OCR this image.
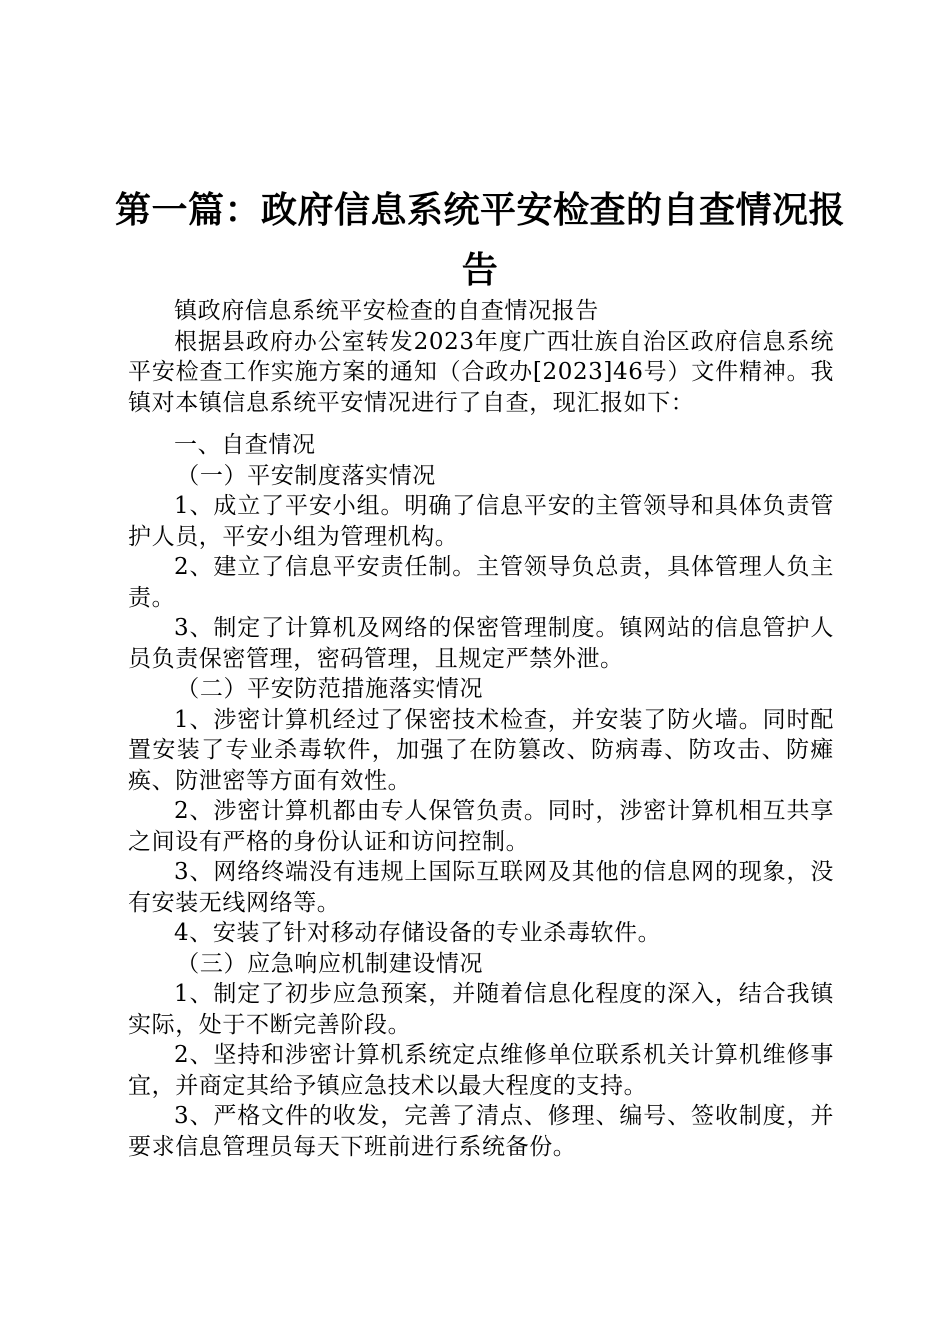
第一篇：政府信息系统平安检查的自查情况报告

镇政府信息系统平安检查的自查情况报告

根据县政府办公室转发2023年度广西壮族自治区政府信息系统平安检查工作实施方案的通知（合政办[2023]46号）文件精神。我镇对本镇信息系统平安情况进行了自查，现汇报如下：

一、自查情况

（一）平安制度落实情况

1、成立了平安小组。明确了信息平安的主管领导和具体负责管护人员，平安小组为管理机构。

2、建立了信息平安责任制。主管领导负总责，具体管理人负主责。

3、制定了计算机及网络的保密管理制度。镇网站的信息管护人员负责保密管理，密码管理，且规定严禁外泄。

（二）平安防范措施落实情况

1、涉密计算机经过了保密技术检查，并安装了防火墙。同时配置安装了专业杀毒软件，加强了在防篡改、防病毒、防攻击、防瘫痪、防泄密等方面有效性。

2、涉密计算机都由专人保管负责。同时，涉密计算机相互共享之间设有严格的身份认证和访问控制。

3、网络终端没有违规上国际互联网及其他的信息网的现象，没有安装无线网络等。

4、安装了针对移动存储设备的专业杀毒软件。

（三）应急响应机制建设情况

1、制定了初步应急预案，并随着信息化程度的深入，结合我镇实际，处于不断完善阶段。

2、坚持和涉密计算机系统定点维修单位联系机关计算机维修事宜，并商定其给予镇应急技术以最大程度的支持。

3、严格文件的收发，完善了清点、修理、编号、签收制度，并要求信息管理员每天下班前进行系统备份。
